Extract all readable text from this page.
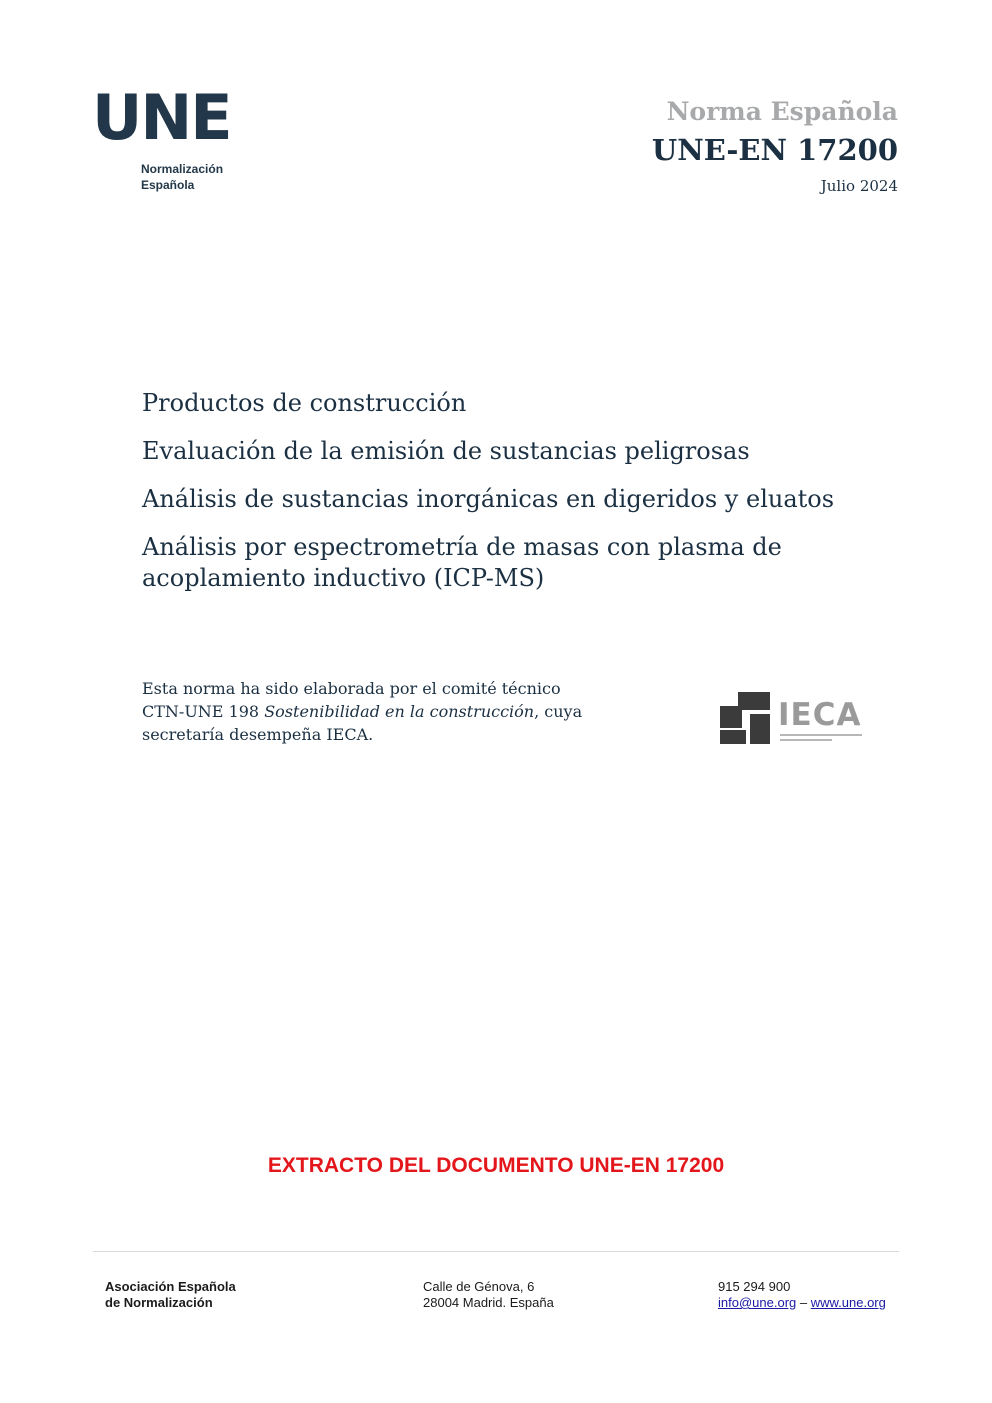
UNE
Normalización
Española
Norma Española
UNE-EN 17200
Julio 2024
Productos de construcción
Evaluación de la emisión de sustancias peligrosas
Análisis de sustancias inorgánicas en digeridos y eluatos
Análisis por espectrometría de masas con plasma de acoplamiento inductivo (ICP-MS)
Esta norma ha sido elaborada por el comité técnico
CTN-UNE 198 Sostenibilidad en la construcción, cuya
secretaría desempeña IECA.
IECA
EXTRACTO DEL DOCUMENTO UNE-EN 17200
Asociación Española
de Normalización
Calle de Génova, 6
28004 Madrid. España
915 294 900
info@une.org – www.une.org
